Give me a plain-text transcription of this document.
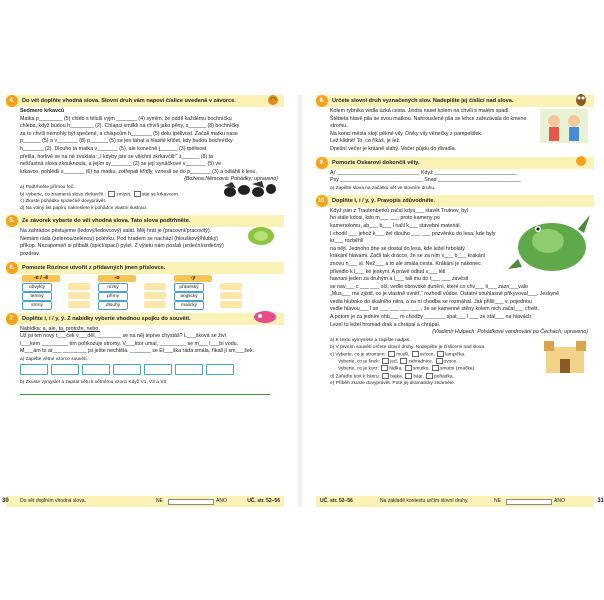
4.	Do vět doplňte vhodná slova. Slovní druh vám napoví číslice uvedená v závorce.

Sedmero krkavců

Matka p________ (5) chléb s tělulš vyjm _______ (4) symlm, že oddíl každému bochníčku

chleba, když budou h________ (2). Chlapci smilkli na chvíli jako pěny, s______ (8) bochníčky

za to chvíli nemohly být spečené, a chlapcům h_______ (5) dolu tpělivost. Začali matku nase

p______ (5) a v_______ (8) p______ (5) se jen tahat a hlasité křičet, kdy budou bochníčky

h_______ (2). Dlouho ta matka v_______ (5), ale konečně j______ (3) tpělivost

přešla, horlivě se na ně zvuklala: „I kdyby jste se všichni zkrkavčili!“ z______ (8) ta

nešťastná slova zkouknoula, a jejím sy_______ (2) se její synáčkové v_______ (5) ve

krkavce, pohlédli s_______ (6) na matku, zotřepali křídly, vznesli se do p_______ (3) a odtáhli k lesu.

(Božena Němcová: Pohádky; upraveno)

a) Podtrhněte přímou řeč.

b) Vyberte, co znamená slovo zkrkavčit : zmizet, stát se krkavcem.

c) Zkuste pohádku společně dovyprávět.

d) Na volný list papíru nakreslete k pohádce vlastní ilustraci.

5.	Ze závorek vyberte do vět vhodná slova. Tato slova podtrhněte.

Na zahrádce pěstujeme (ledový/ledovcový) salát. Měj hrát je (pracovní/pracovitý).

Nemám ráda (zelenou/zelenou) polévku. Pod hradem se nachází (hlouškový/hlubký)

příkop. Nezapomeň si přibalit (spící/spací) pytel. Z výletu nám poslali (srdeční/srdečný) pozdrav.

6.	Pomozte Rózince utvořit z přídavných jmen příslovce.
-e / -ě		-o		-y	
obvyklý		nízký		přátelský	
temný		přímý		anglický	
strmý		dlouhý		malický	
7.	Doplňte i, í / y, ý. Z nabídky vyberte vhodnou spojku do souvětí.

Nabídka: a, ale, ta, protože, nebo.

Už jsi ten nový t___ček v___děl, ________ se na něj teprve chystáš? L___šková se živí

l___kem _________ tím pohkozuje stromy. V___ktor umal, _________ se m___ l___bí vodu.

M___ám to ar___ ________ jsi ješte nechtěla. _______ se El___ška ráda smála, říkali jí sm___šek.

a) Zapište větné vzorce souvětí.

b) Zkuste vymyslet a zapsat větu k větnému vzorci Když V1, V2 a V3.

Do vět doplním vhodná slova.	NE	ANO	UČ. str. 52–56
30
8.	Určete slovní druh vyznačených slov. Nadepište jej číslicí nad slova.

Kolem rybníka vedla úzká cesta. Jindra nasel kolem na chvíli s malém spadl.

Štěbeta hlavě pila se svou matkou. Nahrouslené pila se lehce zařezávala do kmene stromu.

Na konci města stojí pěkné vily. Dívky vily věnečky z pampelišek.

Lež klidně! To, co říkáš, je lež.

Dnešní večer je krásně vlahý. Večer půjdu do divadla.

9.	Pomozte Oskarovi dokončit věty.

Ať ____________________________ Když ____________________________

Psy ____________________________ Snad ____________________________

a) Zapište slova na začátku vět ve slovním druhu.

10.	Doplňte i, í / y, ý. Pravopis zdůvodněte.

Když pán z Trautenberků začal kdys___ stavět Trutnov, byl

ho stále kdosi, kdo m___ ___ proto kameny po

kamenolomu, ab___ b___ l nalil k___ stavební materiál.

I chodil ___ jehož k___ žel dlouho ___ ___ pozvěnku do lesa, kde byly kr___ rozběhlí

na nějt. Jednoho dne se dostal do lesa, kde ležel hrbolatý

krákání hlavami. Začli tak drácce, že se za ním v___ b___ krákání

znovu n___ sl. Než___ a to ale smála cesta. Krákání je nakonec

přivedlo k l___ ké jeskyni. A právě odtud v___ létl

havrani jeden za druhým a l___ tali mu do t___ ___ zavěsit

se nav___ c ___ ___ oči, vedle obrovské dunění, které co chv___ li___ zazn___valo

„Mus___ me zjistit, co je vlastně uvnitř,“ rozhodl vůdce. Ostatní souhlasně přikyvoval___. Jeskyně

vedla hluboko do skalního nitra, a za ní chodba se rozmáhal. Jak přišli___ v, pojednou

vedle hlavou___ l se ___ ___ ___ ___ , že se kamenné stěny kolem nich začal___ chvět.

A potom je za jedním ohb___ m chodby _______ spat___ l ___ ze stál___ na hlavách

Lezel tu ležel hromad drak a chrápal a chrápal.

(Vladimír Hulpach: Pohádkové vandrování po Čechách; upraveno)

a) K textu vymyslete a zapište nadpis.

b) V prvním souvětí určete slovní druhy. Nadepište je číslicemi nad slova.

c) Vyberte, co je stromem: mudlí, svícen, lampička.

Vyberte, co je šnek: jed, zahradnice, ovoce.

Vyberte, co je kurz: řádka, smutko, smutní (značka).

d) Zařaďte text k žánru: bajka, báje, pohádka.

e) Příběh zkuste dovyprávět. Poté jej dramaticky ztvárněte.

UČ. str. 52–56	Na základě kontextu určím slovní druhy.	NE	ANO	31
